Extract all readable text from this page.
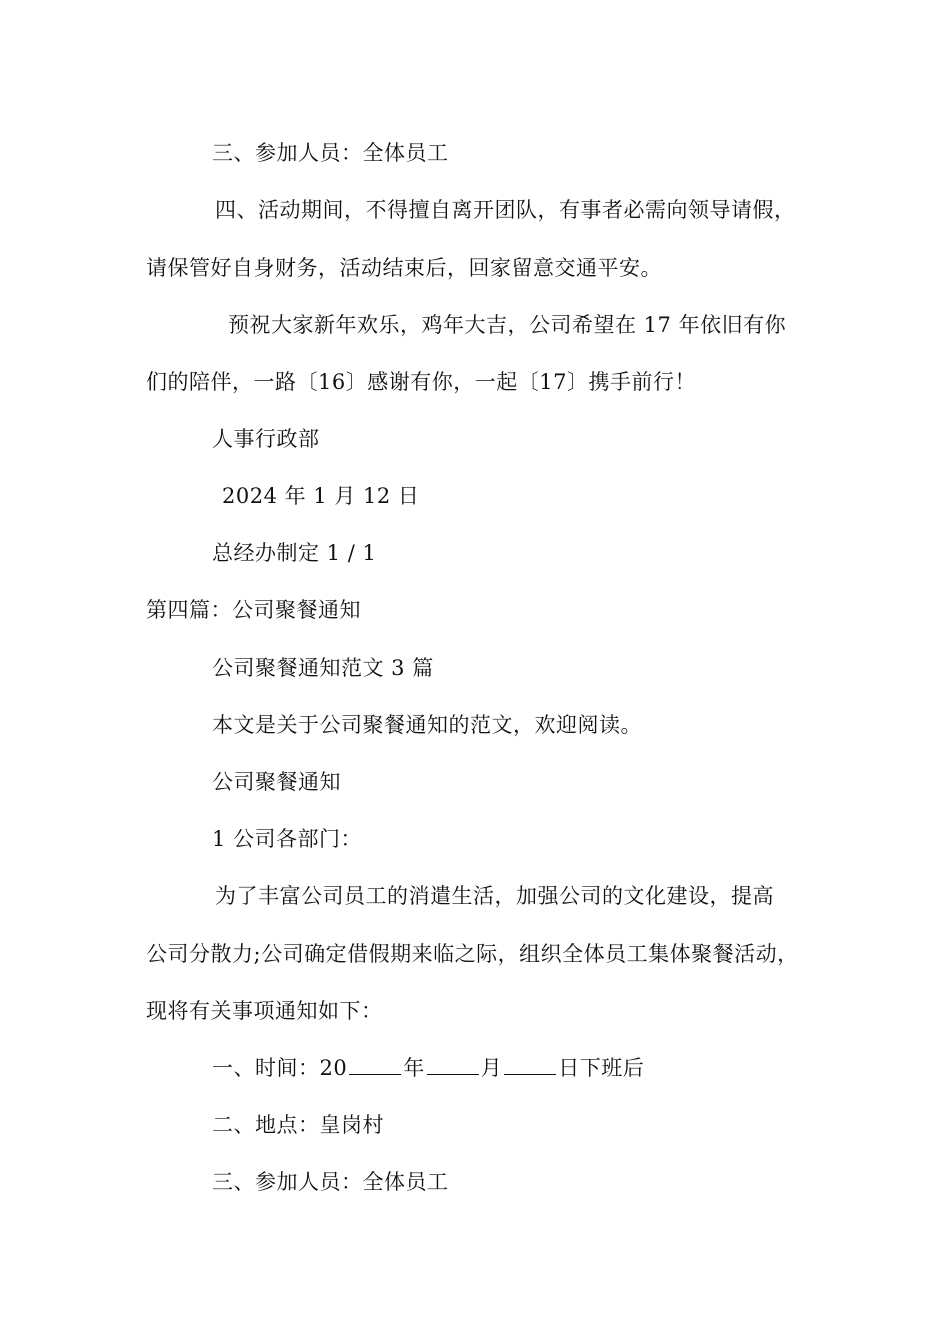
三、参加人员：全体员工
四、活动期间，不得擅自离开团队，有事者必需向领导请假，
请保管好自身财务，活动结束后，回家留意交通平安。
预祝大家新年欢乐，鸡年大吉，公司希望在 17 年依旧有你
们的陪伴，一路〔16〕感谢有你，一起〔17〕携手前行！
人事行政部
2024 年 1 月 12 日
总经办制定 1 / 1
第四篇：公司聚餐通知
公司聚餐通知范文 3 篇
本文是关于公司聚餐通知的范文，欢迎阅读。
公司聚餐通知
1 公司各部门：
为了丰富公司员工的消遣生活，加强公司的文化建设，提高
公司分散力;公司确定借假期来临之际，组织全体员工集体聚餐活动，
现将有关事项通知如下：
一、时间：20	年	月	日下班后
二、地点：皇岗村
三、参加人员：全体员工
